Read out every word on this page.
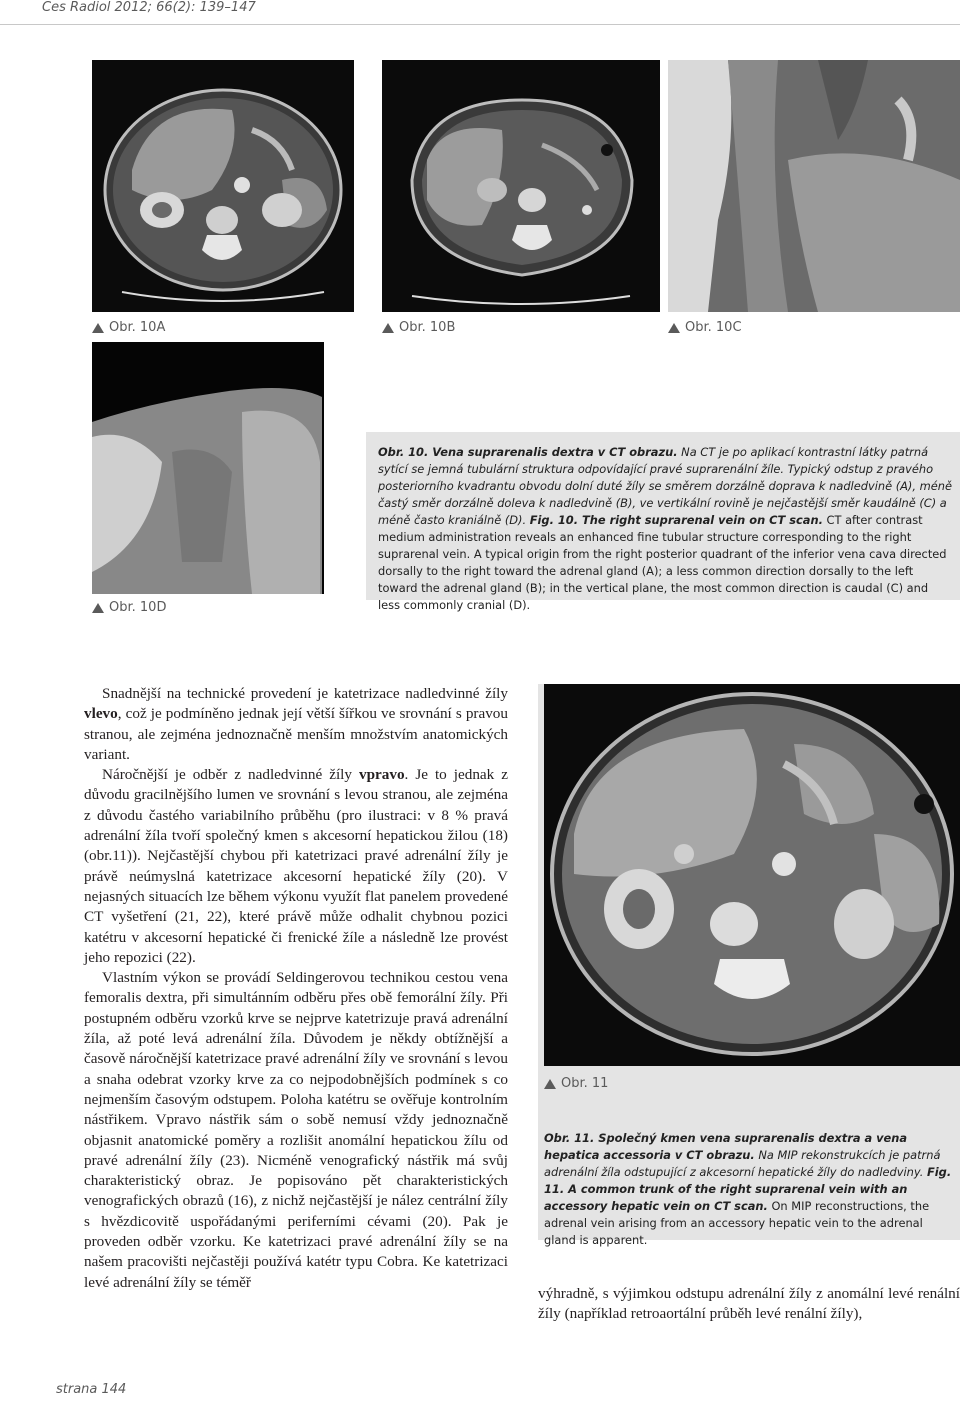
Ces Radiol 2012; 66(2): 139–147
Obr. 10A	Obr. 10B	Obr. 10C
Obr. 10D
Obr. 10. Vena suprarenalis dextra v CT obrazu. Na CT je po aplikací kontrastní látky patrná sytící se jemná tubulární struktura odpovídající pravé suprarenální žíle. Typický odstup z pravého posteriorního kvadrantu obvodu dolní duté žíly se směrem dorzálně doprava k nadledvině (A), méně častý směr dorzálně doleva k nadledvině (B), ve vertikální rovině je nejčastější směr kaudálně (C) a méně často kraniálně (D). Fig. 10. The right suprarenal vein on CT scan. CT after contrast medium administration reveals an enhanced fine tubular structure corresponding to the right suprarenal vein. A typical origin from the right posterior quadrant of the inferior vena cava directed dorsally to the right toward the adrenal gland (A); a less common direction dorsally to the left toward the adrenal gland (B); in the vertical plane, the most common direction is caudal (C) and less commonly cranial (D).

Snadnější na technické provedení je katetrizace nadledvinné žíly vlevo, což je podmíněno jednak její větší šířkou ve srovnání s pravou stranou, ale zejména jednoznačně menším množstvím anatomických variant.

Náročnější je odběr z nadledvinné žíly vpravo. Je to jednak z důvodu gracilnějšího lumen ve srovnání s levou stranou, ale zejména z důvodu častého variabilního průběhu (pro ilustraci: v 8 % pravá adrenální žíla tvoří společný kmen s akcesorní hepatickou žilou (18) (obr.11)). Nejčastější chybou při katetrizaci pravé adrenální žíly je právě neúmyslná katetrizace akcesorní hepatické žíly (20). V nejasných situacích lze během výkonu využít flat panelem provedené CT vyšetření (21, 22), které právě může odhalit chybnou pozici katétru v akcesorní hepatické či frenické žíle a následně lze provést jeho repozici (22).

Vlastním výkon se provádí Seldingerovou technikou cestou vena femoralis dextra, při simultánním odběru přes obě femorální žíly. Při postupném odběru vzorků krve se nejprve katetrizuje pravá adrenální žíla, až poté levá adrenální žíla. Důvodem je někdy obtížnější a časově náročnější katetrizace pravé adrenální žíly ve srovnání s levou a snaha odebrat vzorky krve za co nejpodobnějších podmínek s co nejmenším časovým odstupem. Poloha katétru se ověřuje kontrolním nástřikem. Vpravo nástřik sám o sobě nemusí vždy jednoznačně objasnit anatomické poměry a rozlišit anomální hepatickou žílu od pravé adrenální žíly (23). Nicméně venografický nástřik má svůj charakteristický obraz. Je popisováno pět charakteristických venografických obrazů (16), z nichž nejčastější je nález centrální žíly s hvězdicovitě uspořádanými periferními cévami (20). Pak je proveden odběr vzorku. Ke katetrizaci pravé adrenální žíly se na našem pracovišti nejčastěji používá katétr typu Cobra. Ke katetrizaci levé adrenální žíly se téměř

Obr. 11
Obr. 11. Společný kmen vena suprarenalis dextra a vena hepatica accessoria v CT obrazu. Na MIP rekonstrukcích je patrná adrenální žíla odstupující z akcesorní hepatické žíly do nadledviny. Fig. 11. A common trunk of the right suprarenal vein with an accessory hepatic vein on CT scan. On MIP reconstructions, the adrenal vein arising from an accessory hepatic vein to the adrenal gland is apparent.

výhradně, s výjimkou odstupu adrenální žíly z anomální levé renální žíly (například retroaortální průběh levé renální žíly),

strana 144
